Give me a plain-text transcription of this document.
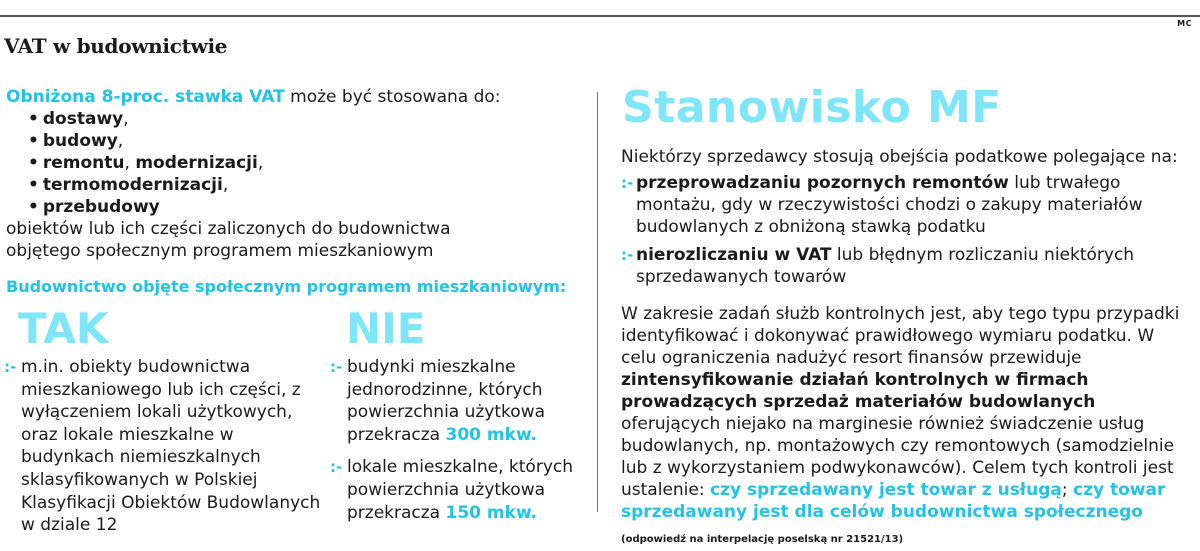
MC
VAT w budownictwie
Obniżona 8-proc. stawka VAT może być stosowana do:
• dostawy,
• budowy,
• remontu, modernizacji,
• termomodernizacji,
• przebudowy
obiektów lub ich części zaliczonych do budownictwa
objętego społecznym programem mieszkaniowym
Budownictwo objęte społecznym programem mieszkaniowym:
TAK	NIE
:- m.in. obiekty budownictwa mieszkaniowego lub ich części, z wyłączeniem lokali użytkowych, oraz lokale mieszkalne w budynkach niemieszkalnych sklasyfikowanych w Polskiej Klasyfikacji Obiektów Budowlanych w dziale 12
:- budynki mieszkalne jednorodzinne, których powierzchnia użytkowa przekracza 300 mkw.
:- lokale mieszkalne, których powierzchnia użytkowa przekracza 150 mkw.
Stanowisko MF

Niektórzy sprzedawcy stosują obejścia podatkowe polegające na:

:- przeprowadzaniu pozornych remontów lub trwałego montażu, gdy w rzeczywistości chodzi o zakupy materiałów budowlanych z obniżoną stawką podatku
:- nierozliczaniu w VAT lub błędnym rozliczaniu niektórych sprzedawanych towarów

W zakresie zadań służb kontrolnych jest, aby tego typu przypadki identyfikować i dokonywać prawidłowego wymiaru podatku. W celu ograniczenia nadużyć resort finansów przewiduje zintensyfikowanie działań kontrolnych w firmach prowadzących sprzedaż materiałów budowlanych oferujących niejako na marginesie również świadczenie usług budowlanych, np. montażowych czy remontowych (samodzielnie lub z wykorzystaniem podwykonawców). Celem tych kontroli jest ustalenie: czy sprzedawany jest towar z usługą; czy towar sprzedawany jest dla celów budownictwa społecznego (odpowiedź na interpelację poselską nr 21521/13)
